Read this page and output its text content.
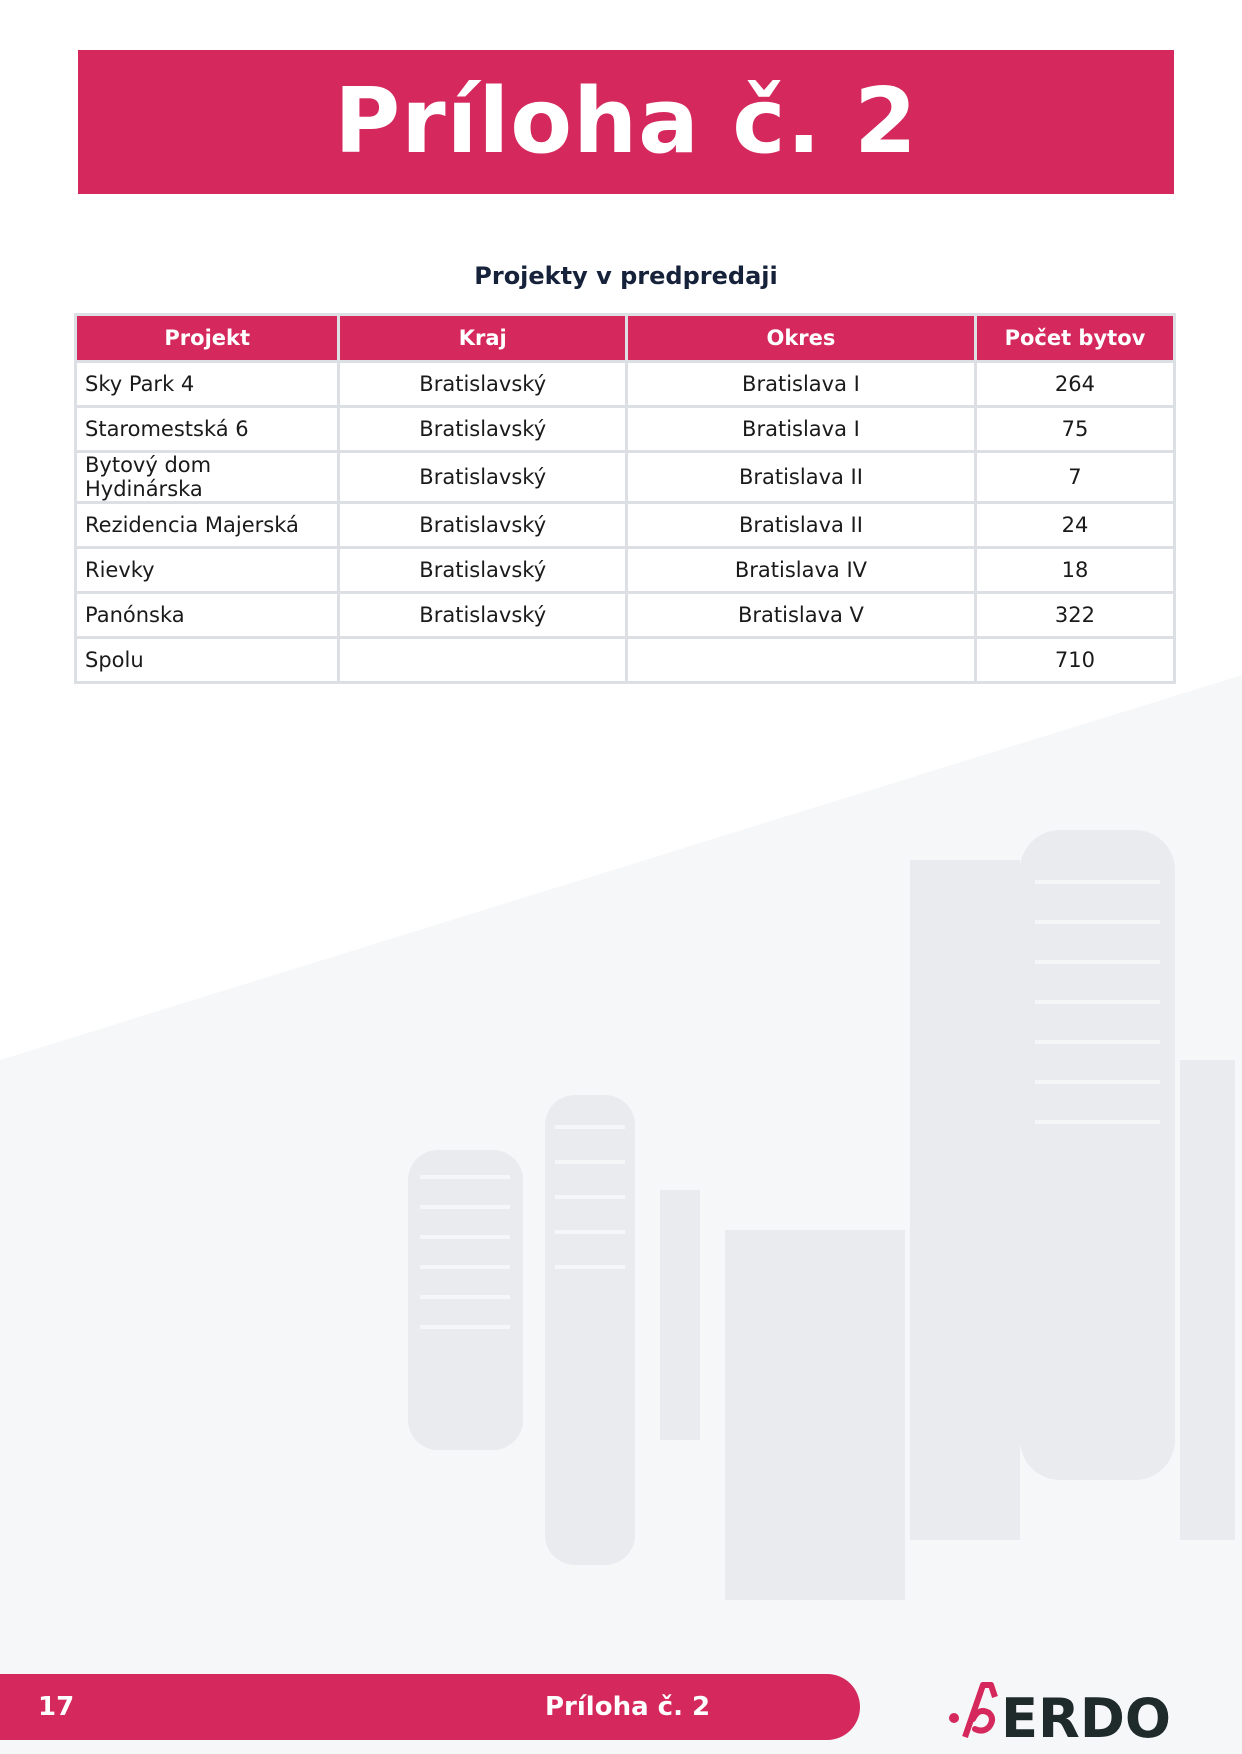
Príloha č. 2
Projekty v predpredaji
Projekt	Kraj	Okres	Počet bytov
Sky Park 4	Bratislavský	Bratislava I	264
Staromestská 6	Bratislavský	Bratislava I	75
Bytový dom Hydinárska	Bratislavský	Bratislava II	7
Rezidencia Majerská	Bratislavský	Bratislava II	24
Rievky	Bratislavský	Bratislava IV	18
Panónska	Bratislavský	Bratislava V	322
Spolu			710
17	Príloha č. 2	ERDO
